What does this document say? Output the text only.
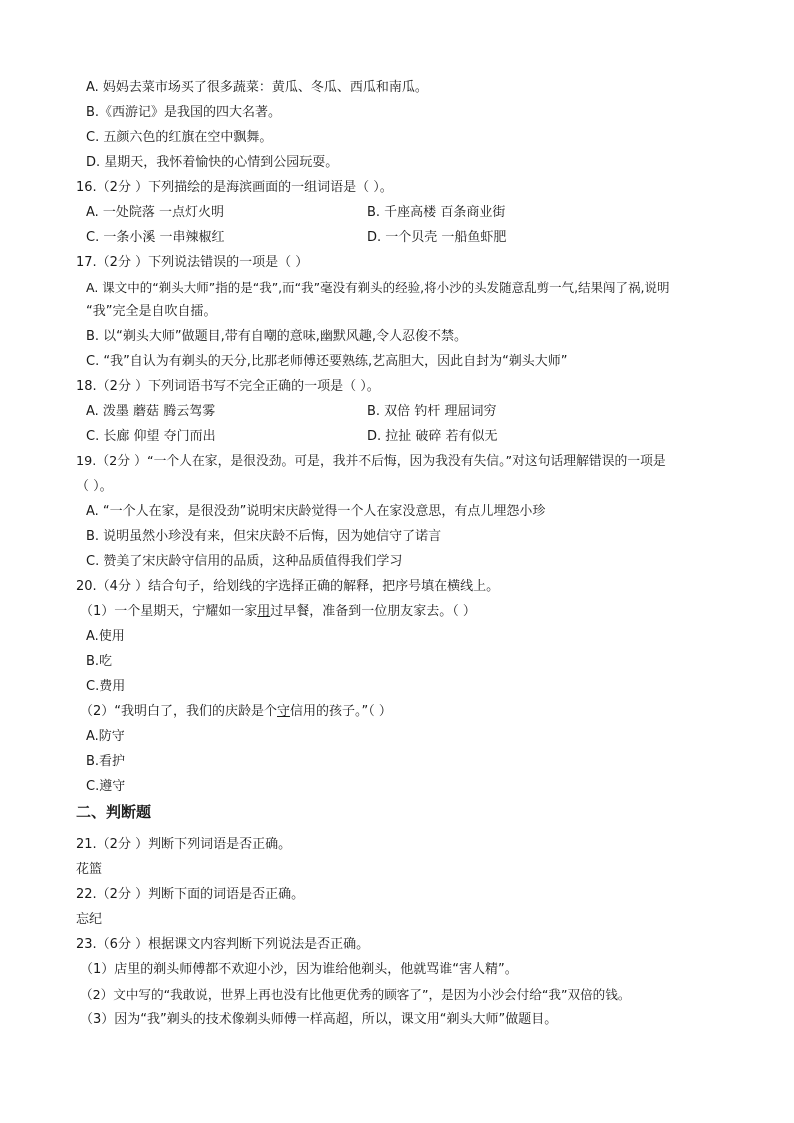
A. 妈妈去菜市场买了很多蔬菜：黄瓜、冬瓜、西瓜和南瓜。
B.《西游记》是我国的四大名著。
C. 五颜六色的红旗在空中飘舞。
D. 星期天，我怀着愉快的心情到公园玩耍。
16.（2分 ）下列描绘的是海滨画面的一组词语是（ ）。
A. 一处院落 一点灯火明	B. 千座高楼 百条商业街
C. 一条小溪 一串辣椒红	D. 一个贝壳 一船鱼虾肥
17.（2分 ）下列说法错误的一项是（ ）
A. 课文中的“剃头大师”指的是“我”,而“我”毫没有剃头的经验,将小沙的头发随意乱剪一气,结果闯了祸,说明
“我”完全是自吹自擂。
B. 以“剃头大师”做题目,带有自嘲的意味,幽默风趣,令人忍俊不禁。
C. “我”自认为有剃头的天分,比那老师傅还要熟练,艺高胆大，因此自封为“剃头大师”
18.（2分 ）下列词语书写不完全正确的一项是（ ）。
A. 泼墨 蘑菇 腾云驾雾	B. 双倍 钓杆 理屈词穷
C. 长廊 仰望 夺门而出	D. 拉扯 破碎 若有似无
19.（2分 ）“一个人在家，是很没劲。可是，我并不后悔，因为我没有失信。”对这句话理解错误的一项是
（ ）。
A. “一个人在家，是很没劲”说明宋庆龄觉得一个人在家没意思，有点儿埋怨小珍
B. 说明虽然小珍没有来，但宋庆龄不后悔，因为她信守了诺言
C. 赞美了宋庆龄守信用的品质，这种品质值得我们学习
20.（4分 ）结合句子，给划线的字选择正确的解释，把序号填在横线上。
（1）一个星期天，宁耀如一家用过早餐，准备到一位朋友家去。（ ）
A.使用
B.吃
C.费用
（2）“我明白了，我们的庆龄是个守信用的孩子。”（ ）
A.防守
B.看护
C.遵守
二、判断题
21.（2分 ）判断下列词语是否正确。
花篮
22.（2分 ）判断下面的词语是否正确。
忘纪
23.（6分 ）根据课文内容判断下列说法是否正确。
（1）店里的剃头师傅都不欢迎小沙，因为谁给他剃头，他就骂谁“害人精”。
（2）文中写的“我敢说，世界上再也没有比他更优秀的顾客了”，是因为小沙会付给“我”双倍的钱。
（3）因为“我”剃头的技术像剃头师傅一样高超，所以，课文用“剃头大师”做题目。
